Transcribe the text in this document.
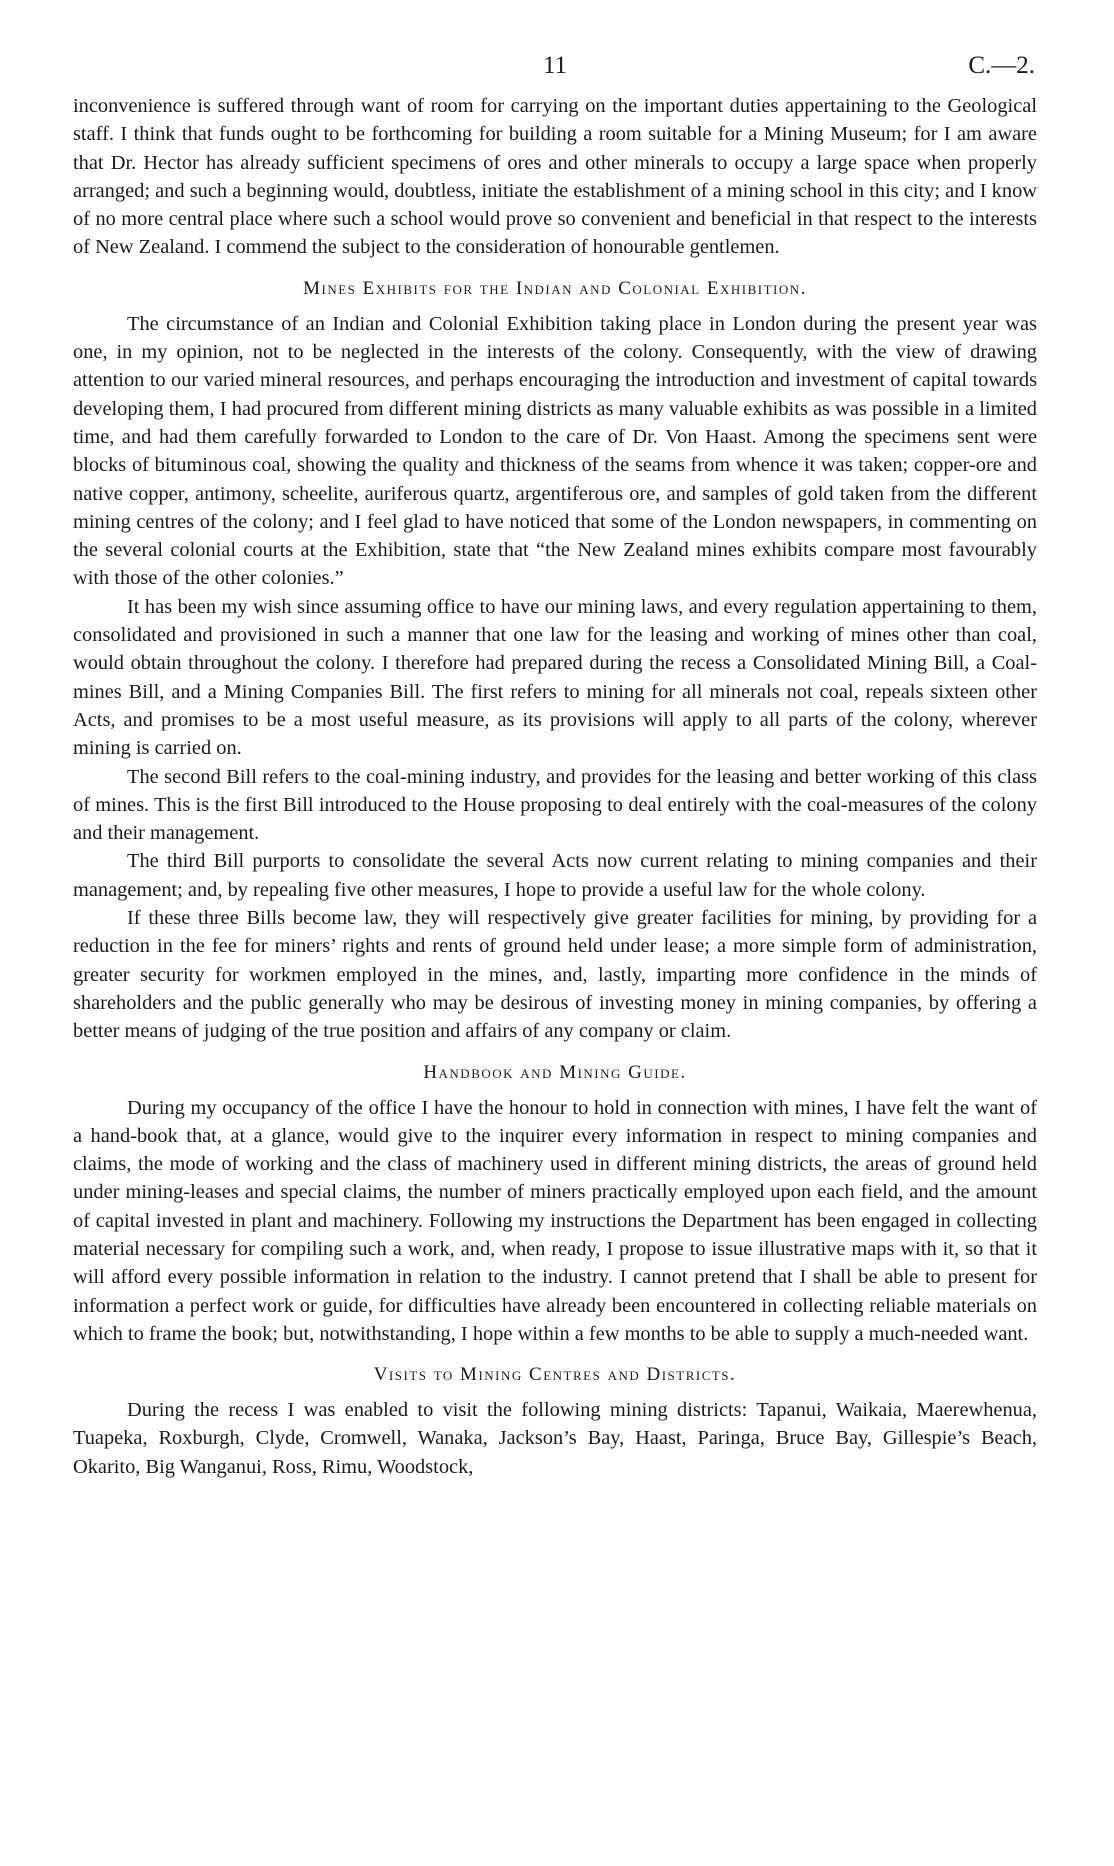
11	C.—2.

inconvenience is suffered through want of room for carrying on the important duties appertaining to the Geological staff. I think that funds ought to be forthcoming for building a room suitable for a Mining Museum; for I am aware that Dr. Hector has already sufficient specimens of ores and other minerals to occupy a large space when properly arranged; and such a beginning would, doubtless, initiate the establishment of a mining school in this city; and I know of no more central place where such a school would prove so convenient and beneficial in that respect to the interests of New Zealand. I commend the subject to the consideration of honourable gentlemen.

Mines Exhibits for the Indian and Colonial Exhibition.

The circumstance of an Indian and Colonial Exhibition taking place in London during the present year was one, in my opinion, not to be neglected in the interests of the colony. Consequently, with the view of drawing attention to our varied mineral resources, and perhaps encouraging the introduction and investment of capital towards developing them, I had procured from different mining districts as many valuable exhibits as was possible in a limited time, and had them carefully forwarded to London to the care of Dr. Von Haast. Among the specimens sent were blocks of bituminous coal, showing the quality and thickness of the seams from whence it was taken; copper-ore and native copper, antimony, scheelite, auriferous quartz, argentiferous ore, and samples of gold taken from the different mining centres of the colony; and I feel glad to have noticed that some of the London newspapers, in commenting on the several colonial courts at the Exhibition, state that “the New Zealand mines exhibits compare most favourably with those of the other colonies.”

It has been my wish since assuming office to have our mining laws, and every regulation appertaining to them, consolidated and provisioned in such a manner that one law for the leasing and working of mines other than coal, would obtain throughout the colony. I therefore had prepared during the recess a Consolidated Mining Bill, a Coal-mines Bill, and a Mining Companies Bill. The first refers to mining for all minerals not coal, repeals sixteen other Acts, and promises to be a most useful measure, as its provisions will apply to all parts of the colony, wherever mining is carried on.

The second Bill refers to the coal-mining industry, and provides for the leasing and better working of this class of mines. This is the first Bill introduced to the House proposing to deal entirely with the coal-measures of the colony and their management.

The third Bill purports to consolidate the several Acts now current relating to mining companies and their management; and, by repealing five other measures, I hope to provide a useful law for the whole colony.

If these three Bills become law, they will respectively give greater facilities for mining, by providing for a reduction in the fee for miners’ rights and rents of ground held under lease; a more simple form of administration, greater security for workmen employed in the mines, and, lastly, imparting more confidence in the minds of shareholders and the public generally who may be desirous of investing money in mining companies, by offering a better means of judging of the true position and affairs of any company or claim.

Handbook and Mining Guide.

During my occupancy of the office I have the honour to hold in connection with mines, I have felt the want of a hand-book that, at a glance, would give to the inquirer every information in respect to mining companies and claims, the mode of working and the class of machinery used in different mining districts, the areas of ground held under mining-leases and special claims, the number of miners practically employed upon each field, and the amount of capital invested in plant and machinery. Following my instructions the Department has been engaged in collecting material necessary for compiling such a work, and, when ready, I propose to issue illustrative maps with it, so that it will afford every possible information in relation to the industry. I cannot pretend that I shall be able to present for information a perfect work or guide, for difficulties have already been encountered in collecting reliable materials on which to frame the book; but, notwithstanding, I hope within a few months to be able to supply a much-needed want.

Visits to Mining Centres and Districts.

During the recess I was enabled to visit the following mining districts: Tapanui, Waikaia, Maerewhenua, Tuapeka, Roxburgh, Clyde, Cromwell, Wanaka, Jackson’s Bay, Haast, Paringa, Bruce Bay, Gillespie’s Beach, Okarito, Big Wanganui, Ross, Rimu, Woodstock,
